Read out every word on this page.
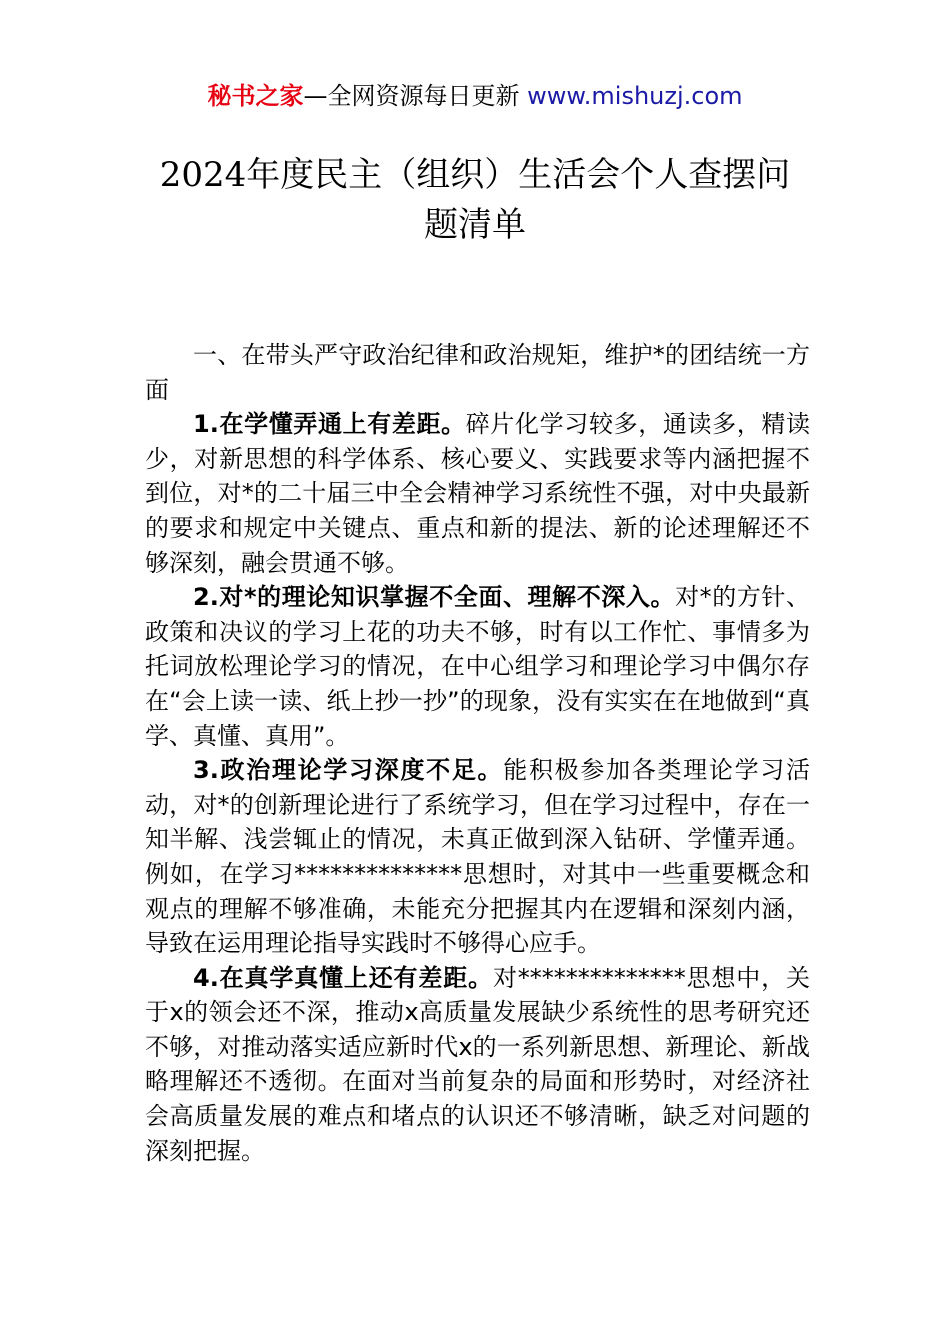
秘书之家—全网资源每日更新 www.mishuzj.com
2024年度民主（组织）生活会个人查摆问
题清单

一、在带头严守政治纪律和政治规矩，维护*的团结统一方面

1.在学懂弄通上有差距。碎片化学习较多，通读多，精读少，对新思想的科学体系、核心要义、实践要求等内涵把握不到位，对*的二十届三中全会精神学习系统性不强，对中央最新的要求和规定中关键点、重点和新的提法、新的论述理解还不够深刻，融会贯通不够。

2.对*的理论知识掌握不全面、理解不深入。对*的方针、政策和决议的学习上花的功夫不够，时有以工作忙、事情多为托词放松理论学习的情况，在中心组学习和理论学习中偶尔存在“会上读一读、纸上抄一抄”的现象，没有实实在在地做到“真学、真懂、真用”。

3.政治理论学习深度不足。能积极参加各类理论学习活动，对*的创新理论进行了系统学习，但在学习过程中，存在一知半解、浅尝辄止的情况，未真正做到深入钻研、学懂弄通。例如，在学习**************思想时，对其中一些重要概念和观点的理解不够准确，未能充分把握其内在逻辑和深刻内涵，导致在运用理论指导实践时不够得心应手。

4.在真学真懂上还有差距。对**************思想中，关于x的领会还不深，推动x高质量发展缺少系统性的思考研究还不够，对推动落实适应新时代x的一系列新思想、新理论、新战略理解还不透彻。在面对当前复杂的局面和形势时，对经济社会高质量发展的难点和堵点的认识还不够清晰，缺乏对问题的深刻把握。
